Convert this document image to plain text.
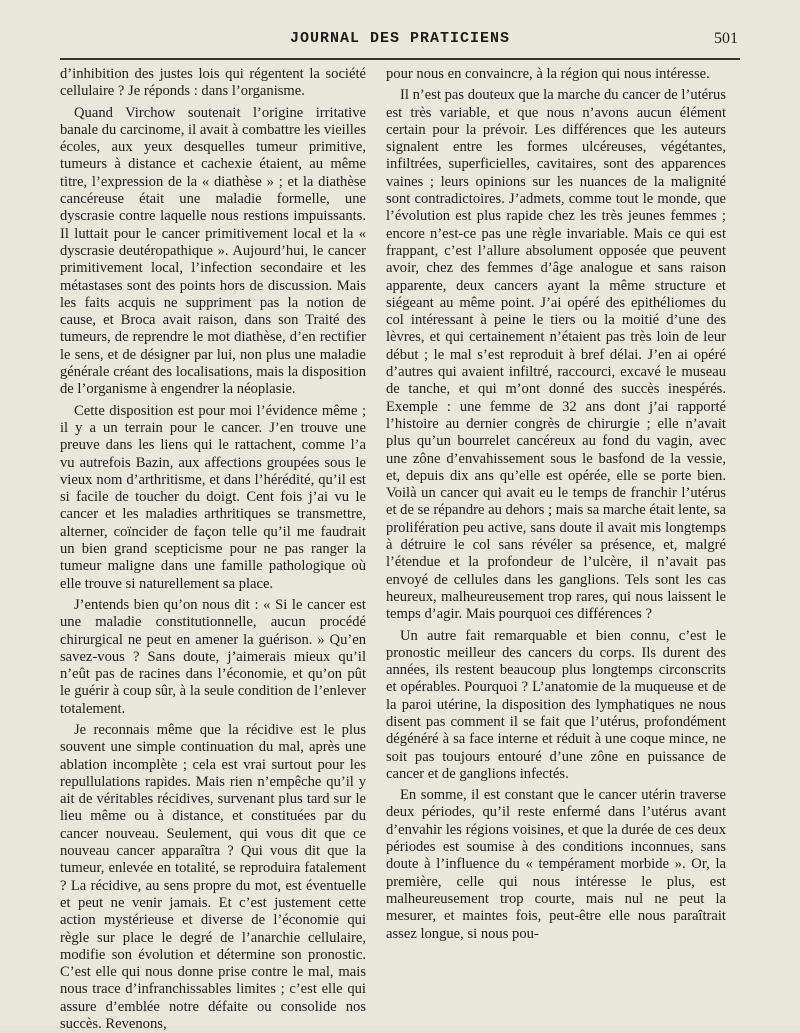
JOURNAL DES PRATICIENS	501

d’inhibition des justes lois qui régentent la société cellulaire ? Je réponds : dans l’organisme.

Quand Virchow soutenait l’origine irritative banale du carcinome, il avait à combattre les vieilles écoles, aux yeux desquelles tumeur primitive, tumeurs à distance et cachexie étaient, au même titre, l’expression de la « diathèse » ; et la diathèse cancéreuse était une maladie formelle, une dyscrasie contre laquelle nous restions impuissants. Il luttait pour le cancer primitivement local et la « dyscrasie deutéropathique ». Aujourd’hui, le cancer primitivement local, l’infection secondaire et les métastases sont des points hors de discussion. Mais les faits acquis ne suppriment pas la notion de cause, et Broca avait raison, dans son Traité des tumeurs, de reprendre le mot diathèse, d’en rectifier le sens, et de désigner par lui, non plus une maladie générale créant des localisations, mais la disposition de l’organisme à engendrer la néoplasie.

Cette disposition est pour moi l’évidence même ; il y a un terrain pour le cancer. J’en trouve une preuve dans les liens qui le rattachent, comme l’a vu autrefois Bazin, aux affections groupées sous le vieux nom d’arthritisme, et dans l’hérédité, qu’il est si facile de toucher du doigt. Cent fois j’ai vu le cancer et les maladies arthritiques se transmettre, alterner, coïncider de façon telle qu’il me faudrait un bien grand scepticisme pour ne pas ranger la tumeur maligne dans une famille pathologique où elle trouve si naturellement sa place.

J’entends bien qu’on nous dit : « Si le cancer est une maladie constitutionnelle, aucun procédé chirurgical ne peut en amener la guérison. » Qu’en savez-vous ? Sans doute, j’aimerais mieux qu’il n’eût pas de racines dans l’économie, et qu’on pût le guérir à coup sûr, à la seule condition de l’enlever totalement.

Je reconnais même que la récidive est le plus souvent une simple continuation du mal, après une ablation incomplète ; cela est vrai surtout pour les repullulations rapides. Mais rien n’empêche qu’il y ait de véritables récidives, survenant plus tard sur le lieu même ou à distance, et constituées par du cancer nouveau. Seulement, qui vous dit que ce nouveau cancer apparaîtra ? Qui vous dit que la tumeur, enlevée en totalité, se reproduira fatalement ? La récidive, au sens propre du mot, est éventuelle et peut ne venir jamais. Et c’est justement cette action mystérieuse et diverse de l’économie qui règle sur place le degré de l’anarchie cellulaire, modifie son évolution et détermine son pronostic. C’est elle qui nous donne prise contre le mal, mais nous trace d’infranchissables limites ; c’est elle qui assure d’emblée notre défaite ou consolide nos succès. Revenons,

pour nous en convaincre, à la région qui nous intéresse.

Il n’est pas douteux que la marche du cancer de l’utérus est très variable, et que nous n’avons aucun élément certain pour la prévoir. Les différences que les auteurs signalent entre les formes ulcéreuses, végétantes, infiltrées, superficielles, cavitaires, sont des apparences vaines ; leurs opinions sur les nuances de la malignité sont contradictoires. J’admets, comme tout le monde, que l’évolution est plus rapide chez les très jeunes femmes ; encore n’est-ce pas une règle invariable. Mais ce qui est frappant, c’est l’allure absolument opposée que peuvent avoir, chez des femmes d’âge analogue et sans raison apparente, deux cancers ayant la même structure et siégeant au même point. J’ai opéré des epithéliomes du col intéressant à peine le tiers ou la moitié d’une des lèvres, et qui certainement n’étaient pas très loin de leur début ; le mal s’est reproduit à bref délai. J’en ai opéré d’autres qui avaient infiltré, raccourci, excavé le museau de tanche, et qui m’ont donné des succès inespérés. Exemple : une femme de 32 ans dont j’ai rapporté l’histoire au dernier congrès de chirurgie ; elle n’avait plus qu’un bourrelet cancéreux au fond du vagin, avec une zône d’envahissement sous le basfond de la vessie, et, depuis dix ans qu’elle est opérée, elle se porte bien. Voilà un cancer qui avait eu le temps de franchir l’utérus et de se répandre au dehors ; mais sa marche était lente, sa prolifération peu active, sans doute il avait mis longtemps à détruire le col sans révéler sa présence, et, malgré l’étendue et la profondeur de l’ulcère, il n’avait pas envoyé de cellules dans les ganglions. Tels sont les cas heureux, malheureusement trop rares, qui nous laissent le temps d’agir. Mais pourquoi ces différences ?

Un autre fait remarquable et bien connu, c’est le pronostic meilleur des cancers du corps. Ils durent des années, ils restent beaucoup plus longtemps circonscrits et opérables. Pourquoi ? L’anatomie de la muqueuse et de la paroi utérine, la disposition des lymphatiques ne nous disent pas comment il se fait que l’utérus, profondément dégénéré à sa face interne et réduit à une coque mince, ne soit pas toujours entouré d’une zône en puissance de cancer et de ganglions infectés.

En somme, il est constant que le cancer utérin traverse deux périodes, qu’il reste enfermé dans l’utérus avant d’envahir les régions voisines, et que la durée de ces deux périodes est soumise à des conditions inconnues, sans doute à l’influence du « tempérament morbide ». Or, la première, celle qui nous intéresse le plus, est malheureusement trop courte, mais nul ne peut la mesurer, et maintes fois, peut-être elle nous paraîtrait assez longue, si nous pou-
